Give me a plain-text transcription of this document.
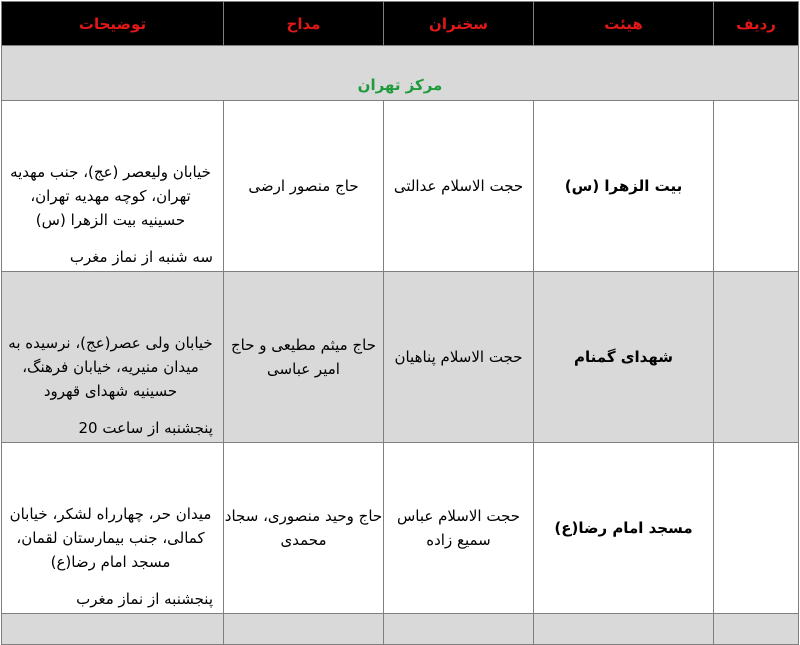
ردیف	هیئت	سخنران	مداح	توضیحات
مرکز تهران				
	بیت الزهرا (س)	حجت الاسلام عدالتی	حاج منصور ارضی	خیابان ولیعصر (عج)، جنب مهدیه تهران، کوچه مهدیه تهران، حسینیه بیت الزهرا (س)
سه شنبه از نماز مغرب

	شهدای گمنام	حجت الاسلام پناهیان	حاج میثم مطیعی و حاج امیر عباسی	خیابان ولی عصر(عج)، نرسیده به میدان منیریه، خیابان فرهنگ، حسینیه شهدای قهرود
پنجشنبه از ساعت 20

	مسجد امام رضا(ع)	حجت الاسلام عباس سمیع زاده	حاج وحید منصوری، سجاد محمدی	میدان حر، چهارراه لشکر، خیابان کمالی، جنب بیمارستان لقمان، مسجد امام رضا(ع)
پنجشنبه از نماز مغرب
